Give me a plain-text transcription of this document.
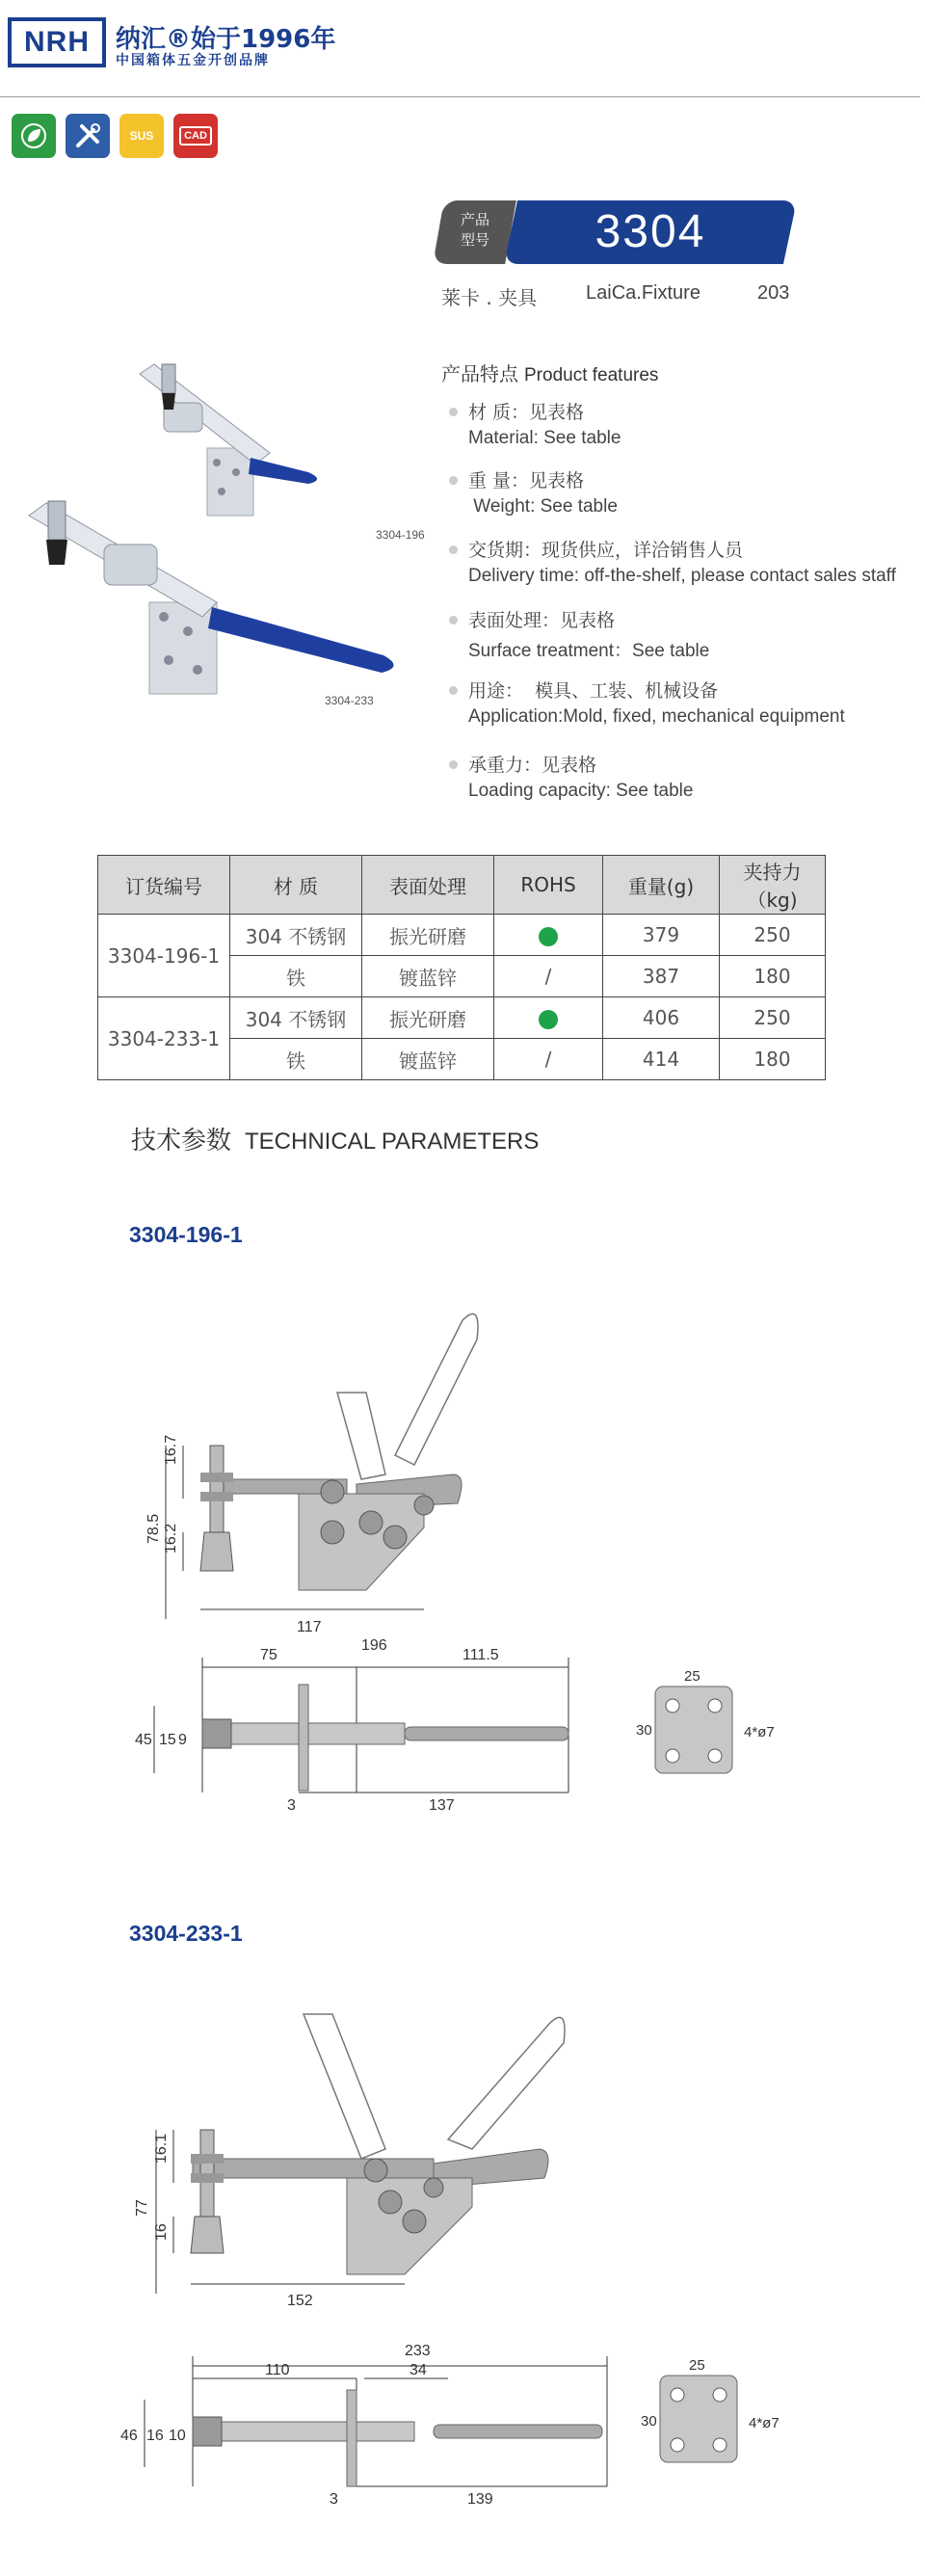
NRH 纳汇®始于1996年
中国箱体五金开创品牌
SUS	CAD
产品
型号	3304
莱卡 . 夹具	LaiCa.Fixture	203
3304-196
3304-233
产品特点 Product features
材 质：见表格
Material: See table
重 量：见表格
Weight: See table
交货期：现货供应，详洽销售人员
Delivery time: off-the-shelf, please contact sales staff
表面处理：见表格
Surface treatment：See table
用途：  模具、工装、机械设备
Application:Mold, fixed, mechanical equipment
承重力：见表格
Loading capacity: See table
订货编号	材 质	表面处理	ROHS	重量(g)	夹持力（kg)
3304-196-1	304 不锈钢	振光研磨		379	250
	铁	镀蓝锌	/	387	180
3304-233-1	304 不锈钢	振光研磨		406	250
	铁	镀蓝锌	/	414	180
技术参数 TECHNICAL PARAMETERS
3304-196-1
16.7
78.5 16.2
117
75
196
111.5
45 15 9
3	137
25
30	4*ø7
3304-233-1
16.1
77
16
152
233
110	34
46 16 10
3	139
25
30	4*ø7
